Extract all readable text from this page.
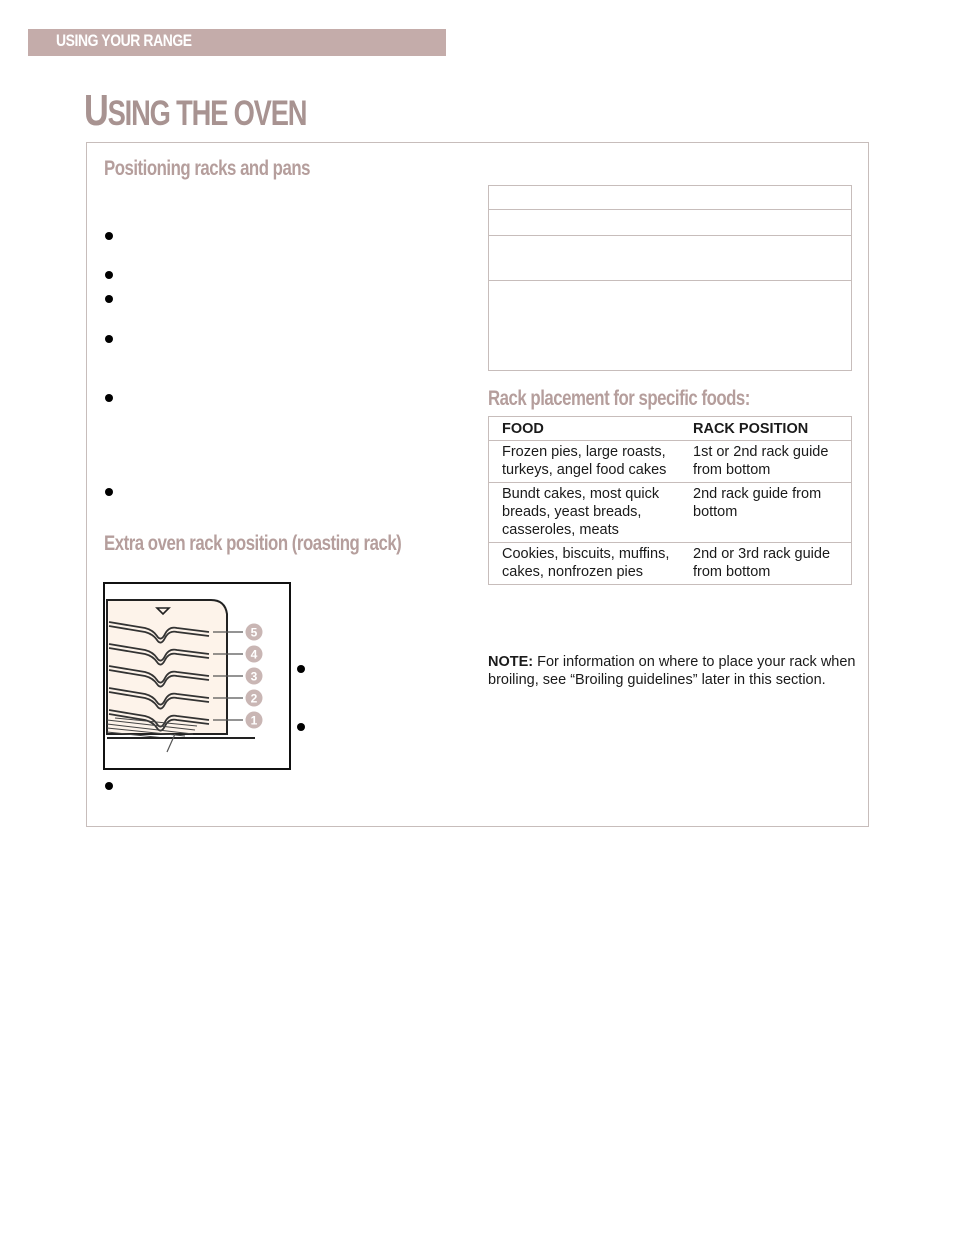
USING YOUR RANGE
USING THE OVEN
Positioning racks and pans
Extra oven rack position (roasting rack)
5
4
3
2
1
Rack placement for specific foods:
FOOD	RACK POSITION
Frozen pies, large roasts, turkeys, angel food cakes	1st or 2nd rack guide from bottom
Bundt cakes, most quick breads, yeast breads, casseroles, meats	2nd rack guide from bottom
Cookies, biscuits, muffins, cakes, nonfrozen pies	2nd or 3rd rack guide from bottom

NOTE: For information on where to place your rack when broiling, see “Broiling guidelines” later in this section.
